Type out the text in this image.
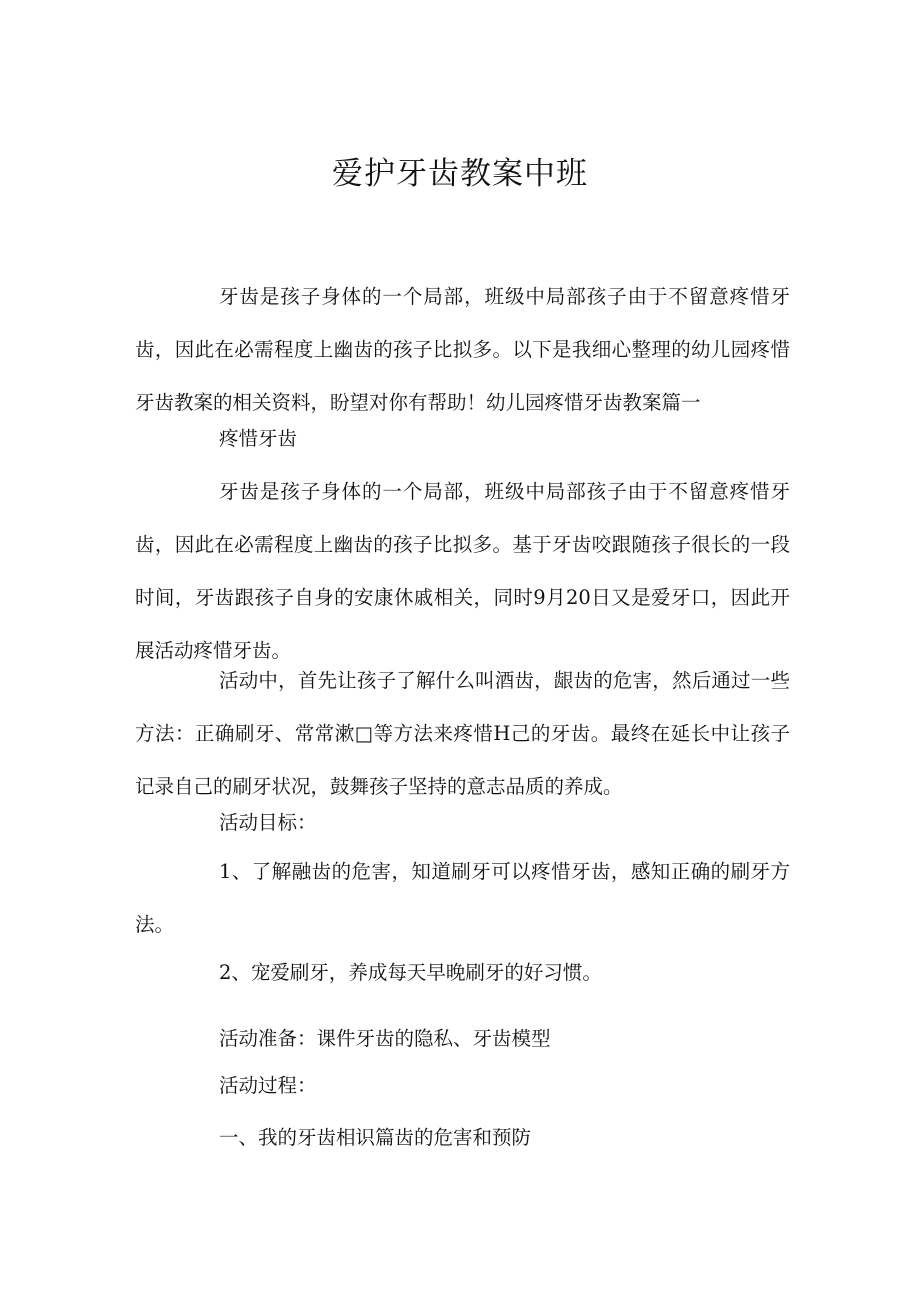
爱护牙齿教案中班

牙齿是孩子身体的一个局部，班级中局部孩子由于不留意疼惜牙齿，因此在必需程度上幽齿的孩子比拟多。以下是我细心整理的幼儿园疼惜牙齿教案的相关资料，盼望对你有帮助！幼儿园疼惜牙齿教案篇一

疼惜牙齿

牙齿是孩子身体的一个局部，班级中局部孩子由于不留意疼惜牙齿，因此在必需程度上幽齿的孩子比拟多。基于牙齿咬跟随孩子很长的一段时间，牙齿跟孩子自身的安康休戚相关，同时9月20日又是爱牙口，因此开展活动疼惜牙齿。

活动中，首先让孩子了解什么叫酒齿，龈齿的危害，然后通过一些方法：正确刷牙、常常漱□等方法来疼惜H己的牙齿。最终在延长中让孩子记录自己的刷牙状况，鼓舞孩子坚持的意志品质的养成。

活动目标：

1、了解融齿的危害，知道刷牙可以疼惜牙齿，感知正确的刷牙方法。

2、宠爱刷牙，养成每天早晚刷牙的好习惯。

活动准备：课件牙齿的隐私、牙齿模型

活动过程：

一、我的牙齿相识篇齿的危害和预防
